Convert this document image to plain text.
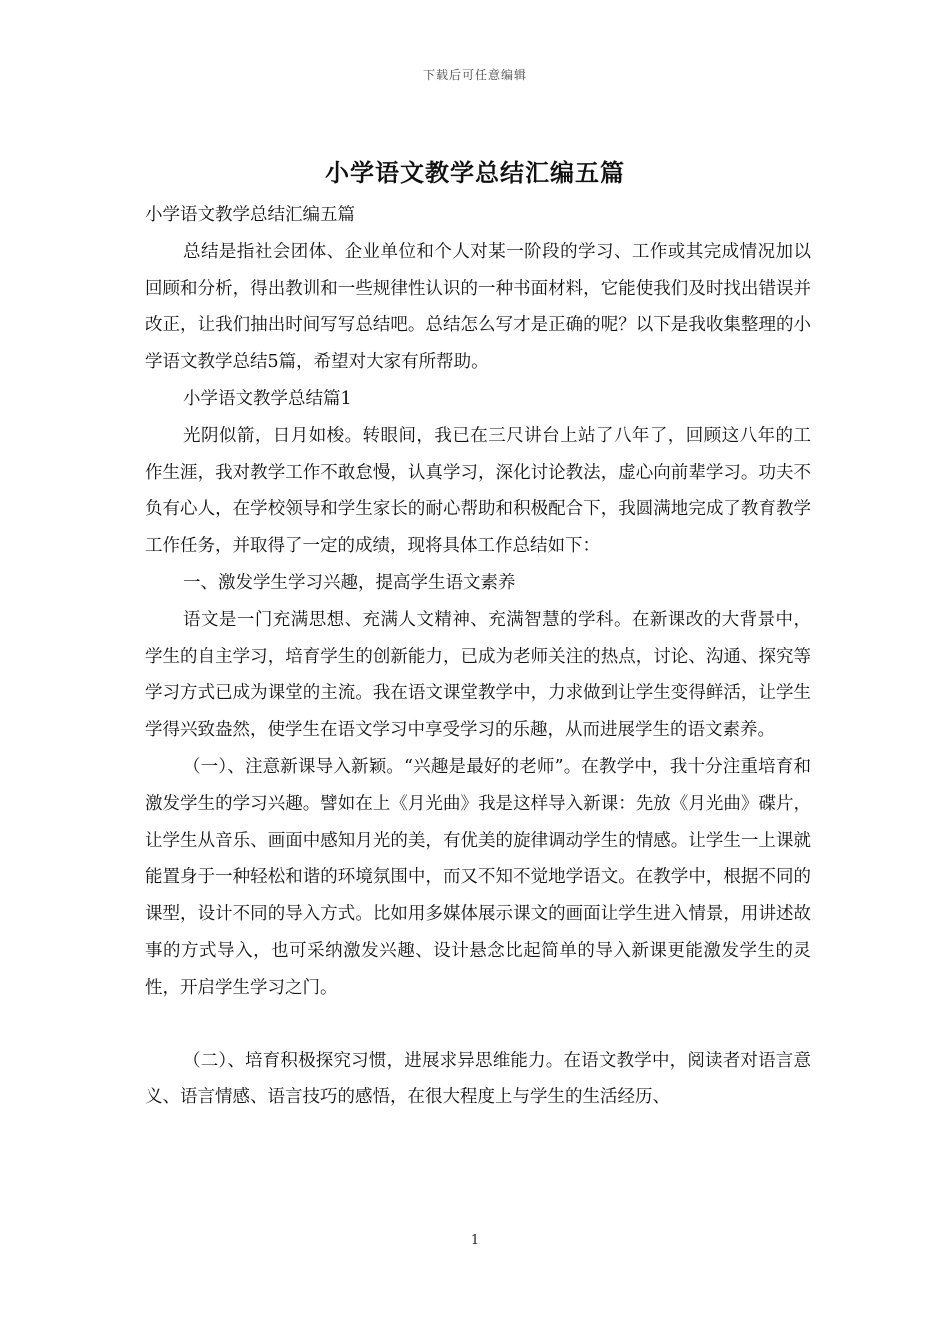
下载后可任意编辑
小学语文教学总结汇编五篇

小学语文教学总结汇编五篇

总结是指社会团体、企业单位和个人对某一阶段的学习、工作或其完成情况加以回顾和分析，得出教训和一些规律性认识的一种书面材料，它能使我们及时找出错误并改正，让我们抽出时间写写总结吧。总结怎么写才是正确的呢？以下是我收集整理的小学语文教学总结5篇，希望对大家有所帮助。

小学语文教学总结篇1

光阴似箭，日月如梭。转眼间，我已在三尺讲台上站了八年了，回顾这八年的工作生涯，我对教学工作不敢怠慢，认真学习，深化讨论教法，虚心向前辈学习。功夫不负有心人，在学校领导和学生家长的耐心帮助和积极配合下，我圆满地完成了教育教学工作任务，并取得了一定的成绩，现将具体工作总结如下：

一、激发学生学习兴趣，提高学生语文素养

语文是一门充满思想、充满人文精神、充满智慧的学科。在新课改的大背景中，学生的自主学习，培育学生的创新能力，已成为老师关注的热点，讨论、沟通、探究等学习方式已成为课堂的主流。我在语文课堂教学中，力求做到让学生变得鲜活，让学生学得兴致盎然，使学生在语文学习中享受学习的乐趣，从而进展学生的语文素养。

（一）、注意新课导入新颖。“兴趣是最好的老师”。在教学中，我十分注重培育和激发学生的学习兴趣。譬如在上《月光曲》我是这样导入新课：先放《月光曲》碟片，让学生从音乐、画面中感知月光的美，有优美的旋律调动学生的情感。让学生一上课就能置身于一种轻松和谐的环境氛围中，而又不知不觉地学语文。在教学中，根据不同的课型，设计不同的导入方式。比如用多媒体展示课文的画面让学生进入情景，用讲述故事的方式导入，也可采纳激发兴趣、设计悬念比起简单的导入新课更能激发学生的灵性，开启学生学习之门。

（二）、培育积极探究习惯，进展求异思维能力。在语文教学中，阅读者对语言意义、语言情感、语言技巧的感悟，在很大程度上与学生的生活经历、

1
